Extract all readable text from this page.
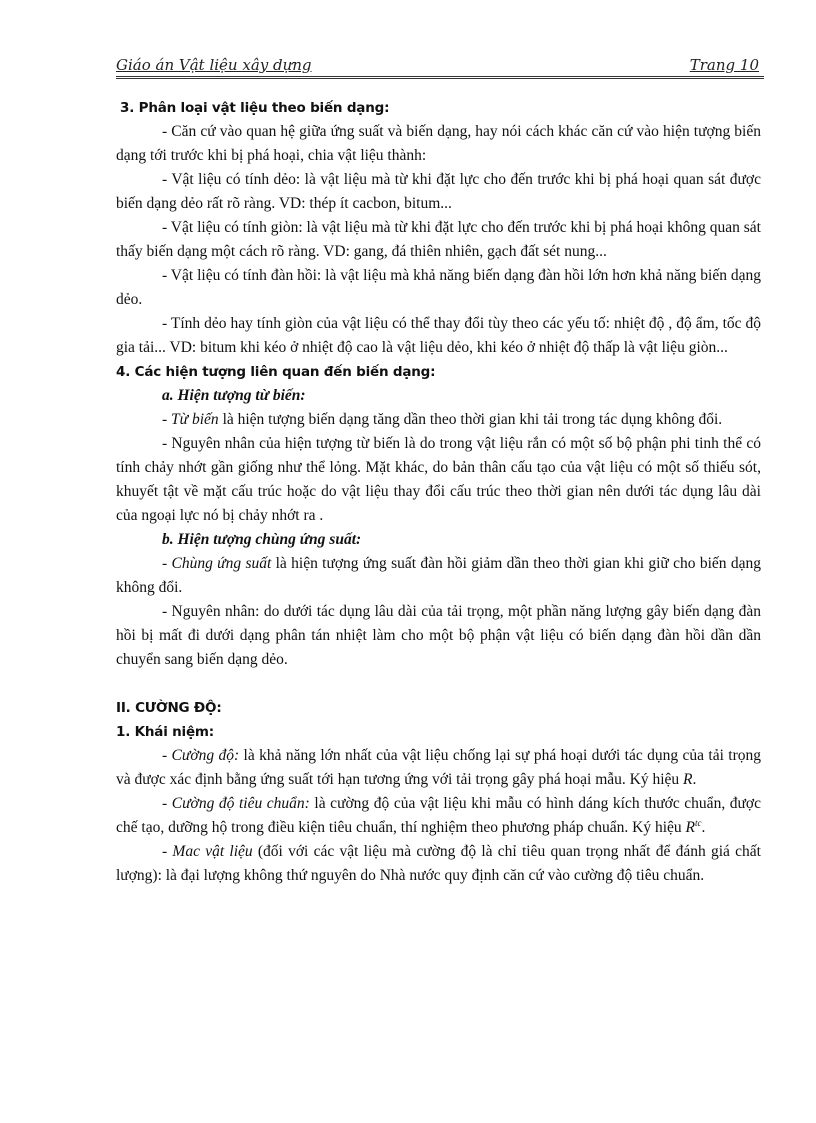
Giáo án Vật liệu xây dựng	Trang 10

3. Phân loại vật liệu theo biến dạng:

- Căn cứ vào quan hệ giữa ứng suất và biến dạng, hay nói cách khác căn cứ vào hiện tượng biến dạng tới trước khi bị phá hoại, chia vật liệu thành:

- Vật liệu có tính dẻo: là vật liệu mà từ khi đặt lực cho đến trước khi bị phá hoại quan sát được biến dạng dẻo rất rõ ràng. VD: thép ít cacbon, bitum...

- Vật liệu có tính giòn: là vật liệu mà từ khi đặt lực cho đến trước khi bị phá hoại không quan sát thấy biến dạng một cách rõ ràng. VD: gang, đá thiên nhiên, gạch đất sét nung...

- Vật liệu có tính đàn hồi: là vật liệu mà khả năng biến dạng đàn hồi lớn hơn khả năng biến dạng dẻo.

- Tính dẻo hay tính giòn của vật liệu có thể thay đổi tùy theo các yếu tố: nhiệt độ , độ ẩm, tốc độ gia tải... VD: bitum khi kéo ở nhiệt độ cao là vật liệu dẻo, khi kéo ở nhiệt độ thấp là vật liệu giòn...

4. Các hiện tượng liên quan đến biến dạng:

a. Hiện tượng từ biến:

- Từ biến là hiện tượng biến dạng tăng dần theo thời gian khi tải trong tác dụng không đổi.

- Nguyên nhân của hiện tượng từ biến là do trong vật liệu rắn có một số bộ phận phi tinh thể có tính chảy nhớt gần giống như thể lỏng. Mặt khác, do bản thân cấu tạo của vật liệu có một số thiếu sót, khuyết tật về mặt cấu trúc hoặc do vật liệu thay đổi cấu trúc theo thời gian nên dưới tác dụng lâu dài của ngoại lực nó bị chảy nhớt ra .

b. Hiện tượng chùng ứng suất:

- Chùng ứng suất là hiện tượng ứng suất đàn hồi giảm dần theo thời gian khi giữ cho biến dạng không đổi.

- Nguyên nhân: do dưới tác dụng lâu dài của tải trọng, một phần năng lượng gây biến dạng đàn hồi bị mất đi dưới dạng phân tán nhiệt làm cho một bộ phận vật liệu có biến dạng đàn hồi dần dần chuyển sang biến dạng dẻo.

II. CƯỜNG ĐỘ:

1. Khái niệm:

- Cường độ: là khả năng lớn nhất của vật liệu chống lại sự phá hoại dưới tác dụng của tải trọng và được xác định bằng ứng suất tới hạn tương ứng với tải trọng gây phá hoại mẫu. Ký hiệu R.

- Cường độ tiêu chuẩn: là cường độ của vật liệu khi mẫu có hình dáng kích thước chuẩn, được chế tạo, dưỡng hộ trong điều kiện tiêu chuẩn, thí nghiệm theo phương pháp chuẩn. Ký hiệu $R^{tc}$.

- Mac vật liệu (đối với các vật liệu mà cường độ là chỉ tiêu quan trọng nhất để đánh giá chất lượng): là đại lượng không thứ nguyên do Nhà nước quy định căn cứ vào cường độ tiêu chuẩn.
